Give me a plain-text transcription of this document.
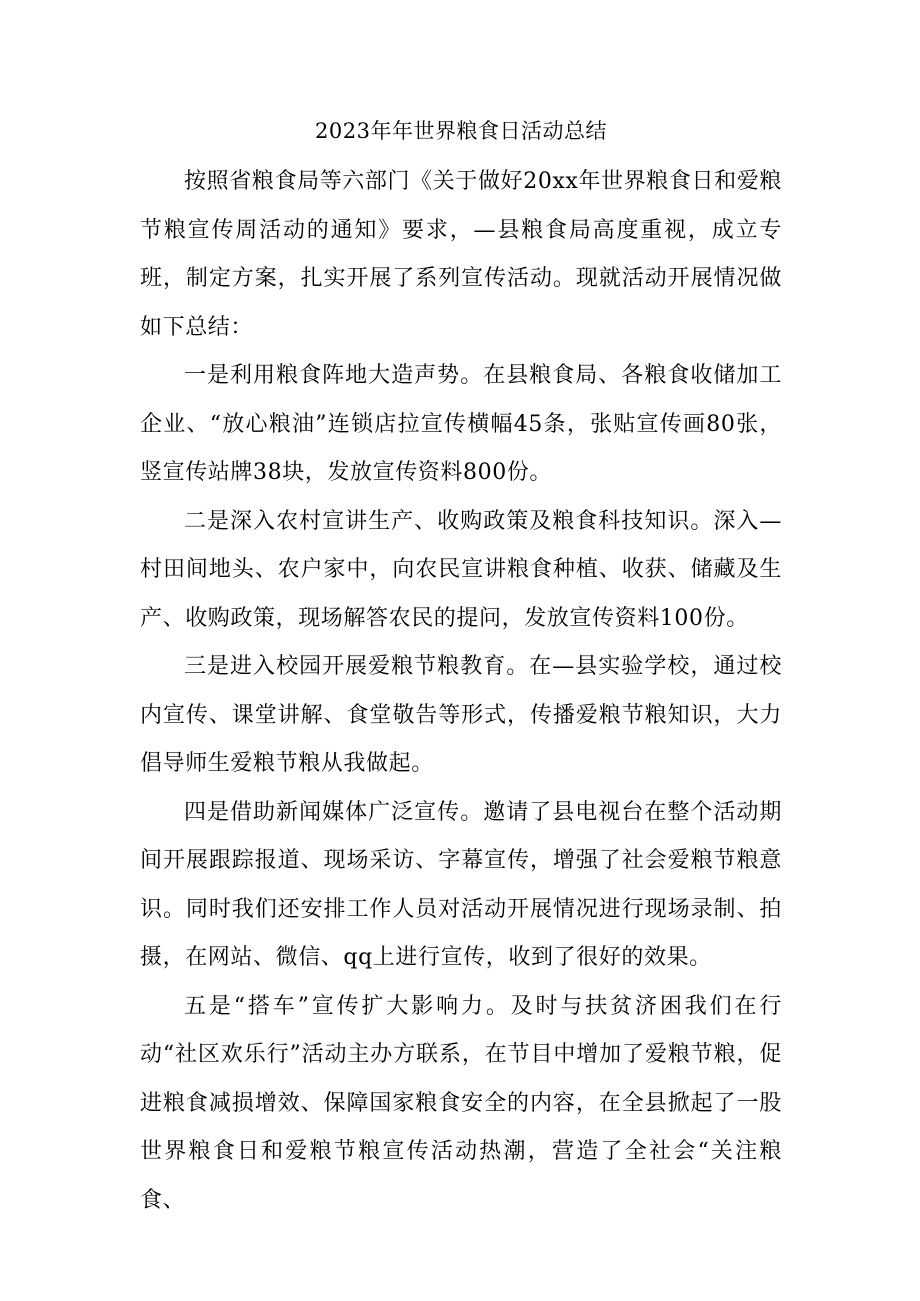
2023年年世界粮食日活动总结

按照省粮食局等六部门《关于做好20xx年世界粮食日和爱粮节粮宣传周活动的通知》要求，—县粮食局高度重视，成立专班，制定方案，扎实开展了系列宣传活动。现就活动开展情况做如下总结：

一是利用粮食阵地大造声势。在县粮食局、各粮食收储加工企业、“放心粮油”连锁店拉宣传横幅45条，张贴宣传画80张，竖宣传站牌38块，发放宣传资料800份。

二是深入农村宣讲生产、收购政策及粮食科技知识。深入—村田间地头、农户家中，向农民宣讲粮食种植、收获、储藏及生产、收购政策，现场解答农民的提问，发放宣传资料100份。

三是进入校园开展爱粮节粮教育。在—县实验学校，通过校内宣传、课堂讲解、食堂敬告等形式，传播爱粮节粮知识，大力倡导师生爱粮节粮从我做起。

四是借助新闻媒体广泛宣传。邀请了县电视台在整个活动期间开展跟踪报道、现场采访、字幕宣传，增强了社会爱粮节粮意识。同时我们还安排工作人员对活动开展情况进行现场录制、拍摄，在网站、微信、qq上进行宣传，收到了很好的效果。

五是“搭车”宣传扩大影响力。及时与扶贫济困我们在行动“社区欢乐行”活动主办方联系，在节目中增加了爱粮节粮，促进粮食减损增效、保障国家粮食安全的内容，在全县掀起了一股世界粮食日和爱粮节粮宣传活动热潮，营造了全社会“关注粮食、
